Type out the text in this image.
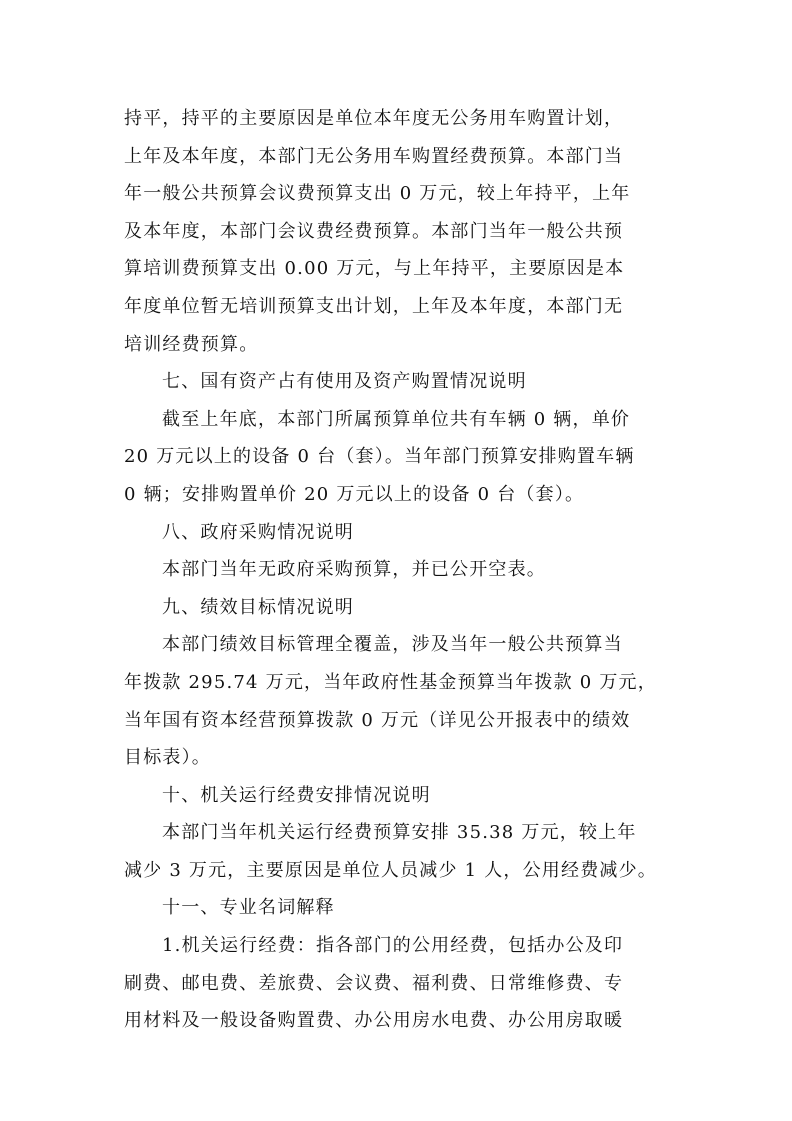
持平，持平的主要原因是单位本年度无公务用车购置计划，
上年及本年度，本部门无公务用车购置经费预算。本部门当
年一般公共预算会议费预算支出 0 万元，较上年持平，上年
及本年度，本部门会议费经费预算。本部门当年一般公共预
算培训费预算支出 0.00 万元，与上年持平，主要原因是本
年度单位暂无培训预算支出计划，上年及本年度，本部门无
培训经费预算。

七、国有资产占有使用及资产购置情况说明

截至上年底，本部门所属预算单位共有车辆 0 辆，单价
20 万元以上的设备 0 台（套）。当年部门预算安排购置车辆
0 辆；安排购置单价 20 万元以上的设备 0 台（套）。

八、政府采购情况说明

本部门当年无政府采购预算，并已公开空表。

九、绩效目标情况说明

本部门绩效目标管理全覆盖，涉及当年一般公共预算当
年拨款 295.74 万元，当年政府性基金预算当年拨款 0 万元，
当年国有资本经营预算拨款 0 万元（详见公开报表中的绩效
目标表）。

十、机关运行经费安排情况说明

本部门当年机关运行经费预算安排 35.38 万元，较上年
减少 3 万元，主要原因是单位人员减少 1 人，公用经费减少。

十一、专业名词解释

1.机关运行经费：指各部门的公用经费，包括办公及印
刷费、邮电费、差旅费、会议费、福利费、日常维修费、专
用材料及一般设备购置费、办公用房水电费、办公用房取暖
